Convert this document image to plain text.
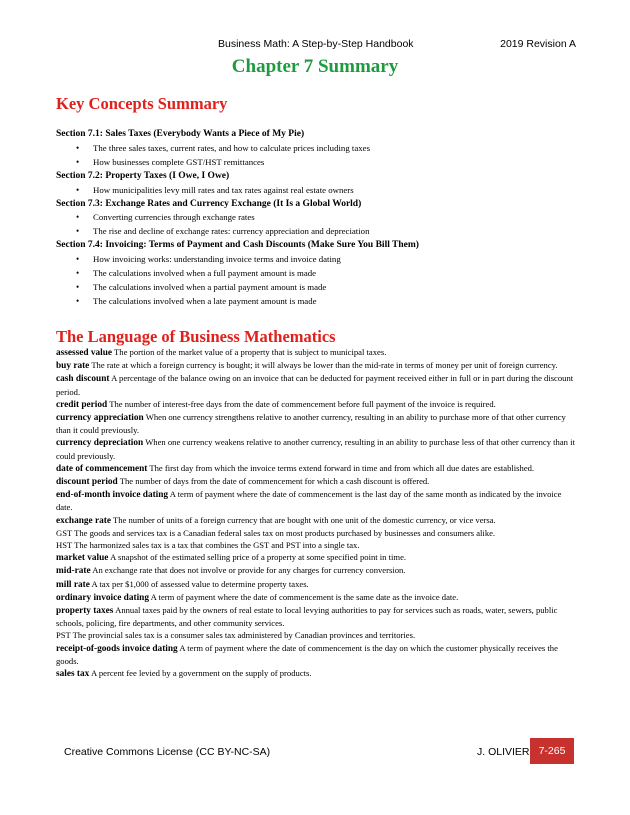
Business Math: A Step-by-Step Handbook	2019 Revision A
Chapter 7 Summary
Key Concepts Summary
Section 7.1: Sales Taxes (Everybody Wants a Piece of My Pie)
• The three sales taxes, current rates, and how to calculate prices including taxes
• How businesses complete GST/HST remittances
Section 7.2: Property Taxes (I Owe, I Owe)
• How municipalities levy mill rates and tax rates against real estate owners
Section 7.3: Exchange Rates and Currency Exchange (It Is a Global World)
• Converting currencies through exchange rates
• The rise and decline of exchange rates: currency appreciation and depreciation
Section 7.4: Invoicing: Terms of Payment and Cash Discounts (Make Sure You Bill Them)
• How invoicing works: understanding invoice terms and invoice dating
• The calculations involved when a full payment amount is made
• The calculations involved when a partial payment amount is made
• The calculations involved when a late payment amount is made
The Language of Business Mathematics
assessed value The portion of the market value of a property that is subject to municipal taxes.
buy rate The rate at which a foreign currency is bought; it will always be lower than the mid-rate in terms of money per unit of foreign currency.
cash discount A percentage of the balance owing on an invoice that can be deducted for payment received either in full or in part during the discount period.
credit period The number of interest-free days from the date of commencement before full payment of the invoice is required.
currency appreciation When one currency strengthens relative to another currency, resulting in an ability to purchase more of that other currency than it could previously.
currency depreciation When one currency weakens relative to another currency, resulting in an ability to purchase less of that other currency than it could previously.
date of commencement The first day from which the invoice terms extend forward in time and from which all due dates are established.
discount period The number of days from the date of commencement for which a cash discount is offered.
end-of-month invoice dating A term of payment where the date of commencement is the last day of the same month as indicated by the invoice date.
exchange rate The number of units of a foreign currency that are bought with one unit of the domestic currency, or vice versa.
GST The goods and services tax is a Canadian federal sales tax on most products purchased by businesses and consumers alike.
HST The harmonized sales tax is a tax that combines the GST and PST into a single tax.
market value A snapshot of the estimated selling price of a property at some specified point in time.
mid-rate An exchange rate that does not involve or provide for any charges for currency conversion.
mill rate A tax per $1,000 of assessed value to determine property taxes.
ordinary invoice dating A term of payment where the date of commencement is the same date as the invoice date.
property taxes Annual taxes paid by the owners of real estate to local levying authorities to pay for services such as roads, water, sewers, public schools, policing, fire departments, and other community services.
PST The provincial sales tax is a consumer sales tax administered by Canadian provinces and territories.
receipt-of-goods invoice dating A term of payment where the date of commencement is the day on which the customer physically receives the goods.
sales tax A percent fee levied by a government on the supply of products.
Creative Commons License (CC BY-NC-SA)	J. OLIVIER 7-265
